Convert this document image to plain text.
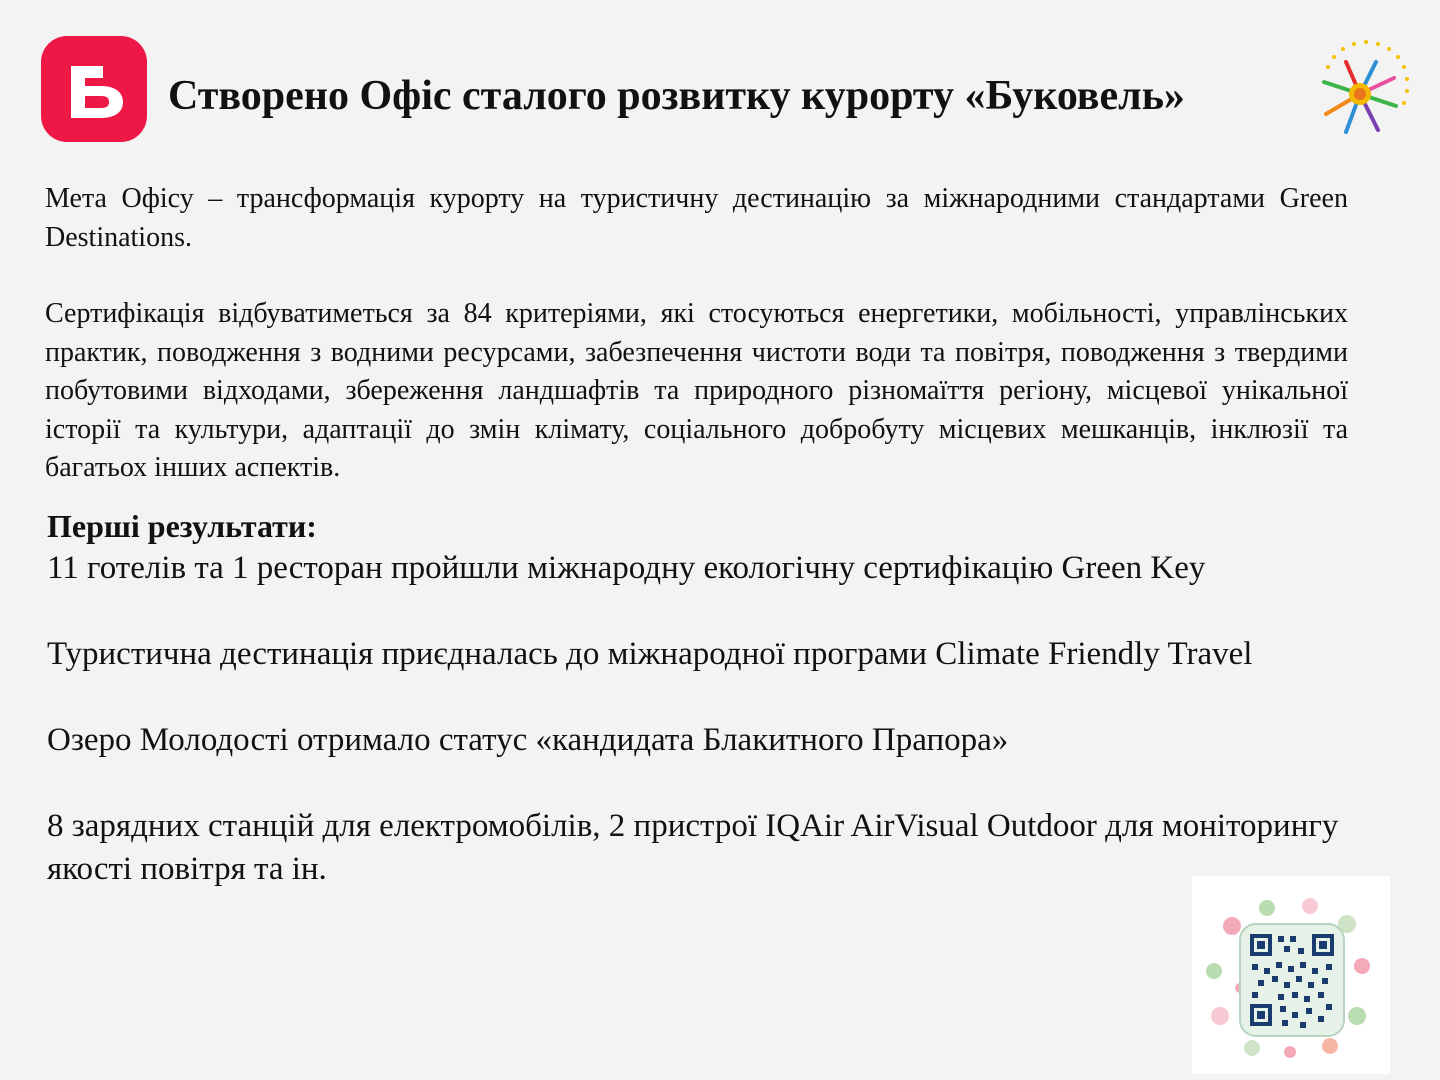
Створено Офіс сталого розвитку курорту «Буковель»

Мета Офісу – трансформація курорту на туристичну дестинацію за міжнародними стандартами Green Destinations.

Сертифікація відбуватиметься за 84 критеріями, які стосуються енергетики, мобільності, управлінських практик, поводження з водними ресурсами, забезпечення чистоти води та повітря, поводження з твердими побутовими відходами, збереження ландшафтів та природного різномаїття регіону, місцевої унікальної історії та культури, адаптації до змін клімату, соціального добробуту місцевих мешканців, інклюзії та багатьох інших аспектів.

Перші результати:
11 готелів та 1 ресторан пройшли міжнародну екологічну сертифікацію Green Key
Туристична дестинація приєдналась до міжнародної програми Climate Friendly Travel
Озеро Молодості отримало статус «кандидата Блакитного Прапора»
8 зарядних станцій для електромобілів, 2 пристрої IQAir AirVisual Outdoor для моніторингу якості повітря та ін.
